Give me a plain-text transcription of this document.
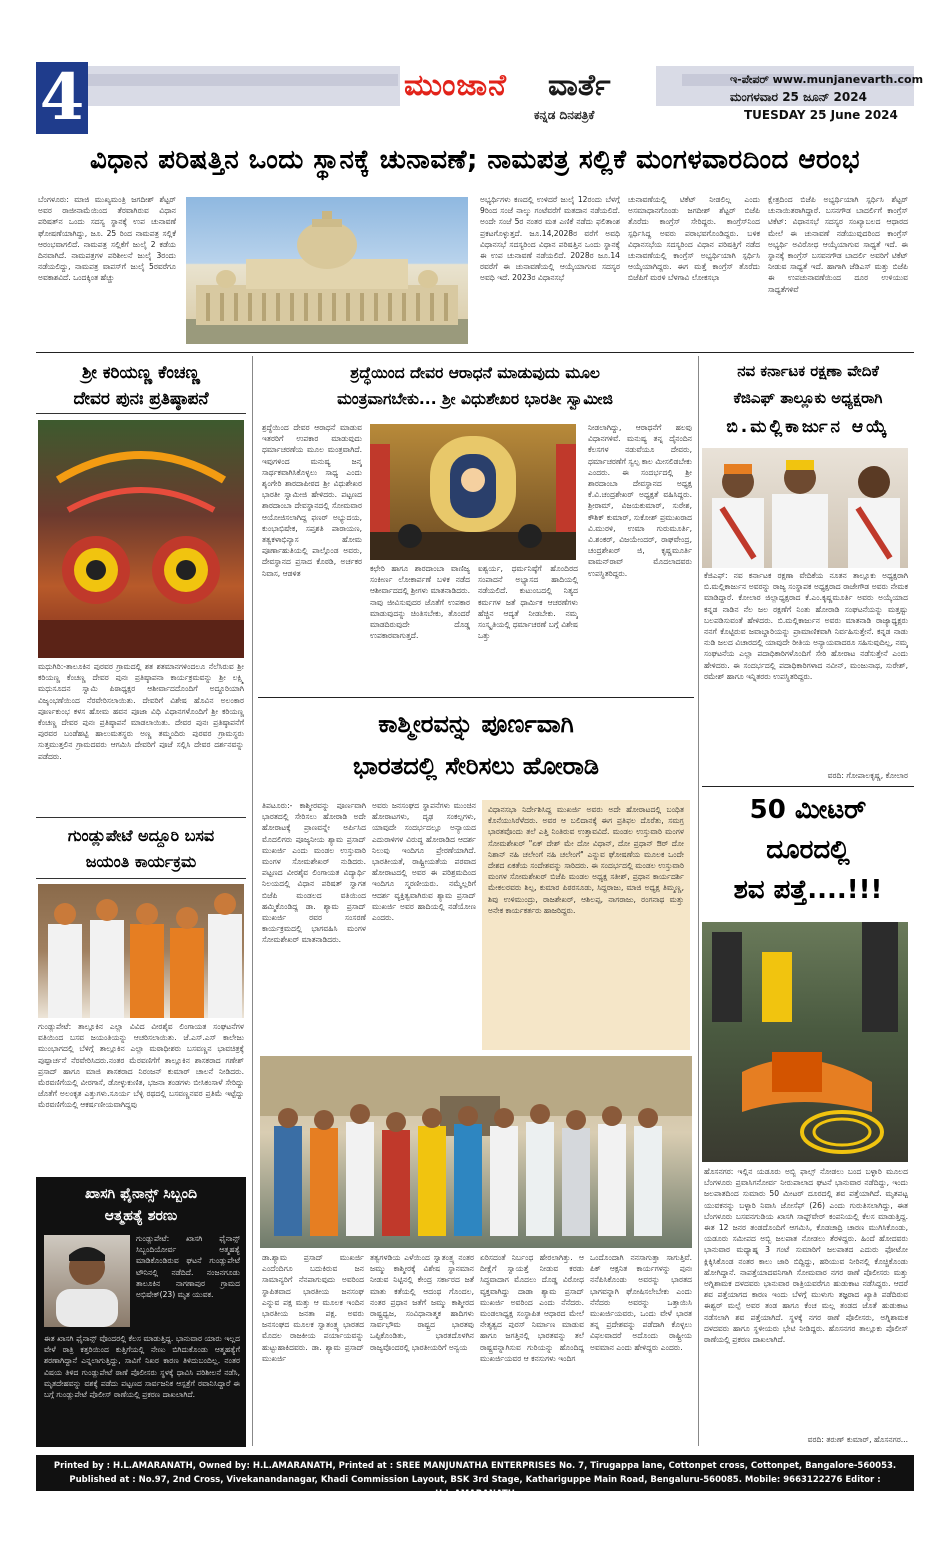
4	ಮುಂಜಾನೆ ವಾರ್ತೆ
ಕನ್ನಡ ದಿನಪತ್ರಿಕೆ
ಇ-ಪೇಪರ್ www.munjanevarth.com
ಮಂಗಳವಾರ 25 ಜೂನ್ 2024
TUESDAY 25 June 2024
ವಿಧಾನ ಪರಿಷತ್ತಿನ ಒಂದು ಸ್ಥಾನಕ್ಕೆ ಚುನಾವಣೆ; ನಾಮಪತ್ರ ಸಲ್ಲಿಕೆ ಮಂಗಳವಾರದಿಂದ ಆರಂಭ
ಬೆಂಗಳೂರು: ಮಾಜಿ ಮುಖ್ಯಮಂತ್ರಿ ಜಗದೀಶ್ ಶೆಟ್ಟರ್ ಅವರ ರಾಜೀನಾಮೆಯಿಂದ ತೆರವಾಗಿರುವ ವಿಧಾನ ಪರಿಷತ್‌ನ ಒಂದು ಸದಸ್ಯ ಸ್ಥಾನಕ್ಕೆ ಉಪ ಚುನಾವಣೆ ಘೋಷಣೆಯಾಗಿದ್ದು, ಜೂ. 25 ರಿಂದ ನಾಮಪತ್ರ ಸಲ್ಲಿಕೆ ಆರಂಭವಾಗಲಿದೆ. ನಾಮಪತ್ರ ಸಲ್ಲಿಕೆಗೆ ಜುಲೈ 2 ಕಡೆಯ ದಿನವಾಗಿದೆ. ನಾಮಪತ್ರಗಳ ಪರಿಶೀಲನೆ ಜುಲೈ 3ರಂದು ನಡೆಯಲಿದ್ದು, ನಾಮಪತ್ರ ವಾಪಸ್‌ಗೆ ಜುಲೈ 5ರವರೆಗೂ ಅವಕಾಶವಿದೆ. ಒಂದಕ್ಕಿಂತ ಹೆಚ್ಚು
ಅಭ್ಯರ್ಥಿಗಳು ಕಣದಲ್ಲಿ ಉಳಿದರೆ ಜುಲೈ 12ರಂದು ಬೆಳಗ್ಗೆ 9ರಿಂದ ಸಂಜೆ ನಾಲ್ಕು ಗಂಟೆವರೆಗೆ ಮತದಾನ ನಡೆಯಲಿದೆ. ಅಂದೇ ಸಂಜೆ 5ರ ನಂತರ ಮತ ಎಣಿಕೆ ನಡೆದು ಫಲಿತಾಂಶ ಪ್ರಕಟಗೊಳ್ಳುತ್ತದೆ. ಜೂ.14,2028ರ ವರೆಗೆ ಅವಧಿ ವಿಧಾನಸಭೆ ಸದಸ್ಯರಿಂದ ವಿಧಾನ ಪರಿಷತ್ತಿನ ಒಂದು ಸ್ಥಾನಕ್ಕೆ ಈ ಉಪ ಚುನಾವಣೆ ನಡೆಯಲಿದೆ. 2028ರ ಜೂ.14 ರವರೆಗೆ ಈ ಚುನಾವಣೆಯಲ್ಲಿ ಆಯ್ಕೆಯಾಗುವ ಸದಸ್ಯರ ಅವಧಿ ಇದೆ. 2023ರ ವಿಧಾನಸಭೆ
ಚುನಾವಣೆಯಲ್ಲಿ ಟಿಕೆಟ್ ನೀಡಲಿಲ್ಲ ಎಂದು ಅಸಮಾಧಾನಗೊಂಡು ಜಗದೀಶ್ ಶೆಟ್ಟರ್ ಬಿಜೆಪಿ ತೊರೆದು ಕಾಂಗ್ರೆಸ್ ಸೇರಿದ್ದರು. ಕಾಂಗ್ರೆಸ್‌ನಿಂದ ಸ್ಪರ್ಧಿಸಿದ್ದ ಅವರು ಪರಾಭವಗೊಂಡಿದ್ದರು. ಬಳಿಕ ವಿಧಾನಸಭೆಯ ಸದಸ್ಯರಿಂದ ವಿಧಾನ ಪರಿಷತ್ತಿಗೆ ನಡೆದ ಚುನಾವಣೆಯಲ್ಲಿ ಕಾಂಗ್ರೆಸ್ ಅಭ್ಯರ್ಥಿಯಾಗಿ ಸ್ಪರ್ಧಿಸಿ ಆಯ್ಕೆಯಾಗಿದ್ದರು. ಈಗ ಮತ್ತೆ ಕಾಂಗ್ರೆಸ್ ತೊರೆದು ಬಿಜೆಪಿಗೆ ಮರಳಿ ಬೆಳಗಾವಿ ಲೋಕಸಭಾ
ಕ್ಷೇತ್ರದಿಂದ ಬಿಜೆಪಿ ಅಭ್ಯರ್ಥಿಯಾಗಿ ಸ್ಪರ್ಧಿಸಿ ಶೆಟ್ಟರ್ ಚುನಾಯಿತರಾಗಿದ್ದಾರೆ. ಬಸನಗೌಡ ಬಾದರ್ಲಿಗೆ ಕಾಂಗ್ರೆಸ್ ಟಿಕೆಟ್: ವಿಧಾನಸಭೆ ಸದಸ್ಯರ ಸಂಖ್ಯಾಬಲದ ಆಧಾರದ ಮೇಲೆ ಈ ಚುನಾವಣೆ ನಡೆಯುವುದರಿಂದ ಕಾಂಗ್ರೆಸ್ ಅಭ್ಯರ್ಥಿ ಅವಿರೋಧ ಆಯ್ಕೆಯಾಗುವ ಸಾಧ್ಯತೆ ಇದೆ. ಈ ಸ್ಥಾನಕ್ಕೆ ಕಾಂಗ್ರೆಸ್ ಬಸವನಗೌಡ ಬಾದರ್ಲಿ ಅವರಿಗೆ ಟಿಕೆಟ್ ನೀಡುವ ಸಾಧ್ಯತೆ ಇದೆ. ಹಾಗಾಗಿ ಜೆಡಿಎಸ್ ಮತ್ತು ಬಿಜೆಪಿ ಈ ಉಪಚುನಾವಣೆಯಿಂದ ದೂರ ಉಳಿಯುವ ಸಾಧ್ಯತೆಗಳಿವೆ
ಶ್ರೀ ಕರಿಯಣ್ಣ ಕೆಂಚಣ್ಣ
ದೇವರ ಪುನಃ ಪ್ರತಿಷ್ಠಾಪನೆ
ಮಧುಗಿರಿ:-ತಾಲೂಕಿನ ಪುರವರ ಗ್ರಾಮದಲ್ಲಿ ಶತ ಶತಮಾನಗಳಿಂದಲೂ ನೆಲೆಸಿರುವ ಶ್ರೀ ಕರಿಯಣ್ಣ ಕೆಂಚಣ್ಣ ದೇವರ ಪುನಃ ಪ್ರತಿಷ್ಠಾಪನಾ ಕಾರ್ಯಕ್ರಮವನ್ನು ಶ್ರೀ ಲಕ್ಷ್ಮಿ ಮಧುಸೂದನ ಸ್ವಾಮಿ ಪಿಠಾಧ್ಯಕ್ಷರ ಆಶೀರ್ವಾದದೊಂದಿಗೆ ಅದ್ದೂರಿಯಾಗಿ ವಿಜೃಂಭಣೆಯಿಂದ ನೆರವೇರಿಸಲಾಯಿತು. ದೇವರಿಗೆ ವಿಶೇಷ ಹೊವಿನ ಅಲಂಕಾರ ಪೂರ್ಣಕುಂಭ ಕಳಸ ಹೋಮ ಹವನ ಪೂಜಾ ವಿಧಿ ವಿಧಾನಗಳೊಂದಿಗೆ ಶ್ರೀ ಕರಿಯಣ್ಣ ಕೆಂಚಣ್ಣ ದೇವರ ಪುನಃ ಪ್ರತಿಷ್ಠಾಪನೆ ಮಾಡಲಾಯಿತು. ದೇವರ ಪುನಃ ಪ್ರತಿಷ್ಠಾಪನೆಗೆ ಪುರವರ ಬಂಡೆಹಟ್ಟಿ ಹಾಲುಮತಸ್ಥರು ಅಣ್ಣ ತಮ್ಮಂದಿರು ಪುರವರ ಗ್ರಾಮಸ್ಥರು ಸುತ್ತಮುತ್ತಲಿನ ಗ್ರಾಮದವರು ಆಗಮಿಸಿ ದೇವರಿಗೆ ಪೂಜೆ ಸಲ್ಲಿಸಿ ದೇವರ ದರ್ಶನವನ್ನು ಪಡೆದರು.
ಗುಂಡ್ಲುಪೇಟೆ ಅದ್ದೂರಿ ಬಸವ
ಜಯಂತಿ ಕಾರ್ಯಕ್ರಮ
ಗುಂಡ್ಲುಪೇಟೆ: ತಾಲ್ಲೂಕಿನ ಎಲ್ಲಾ ವಿವಿದ ವೀರಶೈವ ಲಿಂಗಾಯತ ಸಂಘಟನೆಗಳ ವತಿಯಿಂದ ಬಸವ ಜಯಂತಿಯನ್ನು ಆಚರಿಸಲಾಯಿತು. ಜೆ.ಎಸ್.ಎಸ್ ಕಾಲೇಜು ಮುಂಭಾಗದಲ್ಲಿ ಬೆಳಿಗ್ಗೆ ತಾಲ್ಲೂಕಿನ ಎಲ್ಲಾ ಮಠಾಧೀಶರು ಬಸವಣ್ಣನ ಭಾವಚಿತ್ರಕ್ಕೆ ಪುಷ್ಪಾರ್ಚನೆ ನೆರವೇರಿಸಿದರು.ನಂತರ ಮೆರವಣಿಗೆಗೆ ತಾಲ್ಲೂಕಿನ ಶಾಸಕರಾದ ಗಣೇಶ್ ಪ್ರಸಾದ್ ಹಾಗೂ ಮಾಜಿ ಶಾಸಕರಾದ ನಿರಂಜನ್ ಕುಮಾರ್ ಚಾಲನೆ ನೀಡಿದರು. ಮೆರವಣಿಗೆಯಲ್ಲಿ ವೀರಗಾಸೆ, ಡೋಳ್ಳುಕುಣಿತ, ಭಜನಾ ತಂಡಗಳು ಬೀಸಿಕಂಸಾಳೆ ಸೇರಿದ್ದು ಜೊತೆಗೆ ಅಲಂಕೃತ ಎತ್ತುಗಳು.ಸೂರ್ಯ ಬೆಳ್ಳಿ ರಥದಲ್ಲಿ ಬಸವಣ್ಣನವರ ಪ್ರತಿಮೆ ಇಟ್ಟೆದ್ದು ಮೆರವಣಿಗೆಯಲ್ಲಿ ಆಕರ್ಷಣೀಯವಾಗಿದ್ದವು
ಖಾಸಗಿ ಫೈನಾನ್ಸ್ ಸಿಬ್ಬಂದಿ
ಆತ್ಮಹತ್ಯೆ ಶರಣು
ಗುಂಡ್ಲುಪೇಟೆ: ಖಾಸಗಿ ಫೈನಾನ್ಸ್ ಸಿಬ್ಬಂದಿಯೋರ್ವ ಆತ್ಮಹತ್ಯೆ ಮಾಡಿಕೊಂಡಿರುವ ಘಟನೆ ಗುಂಡ್ಲುಪೇಟೆ ಟೌನಿನಲ್ಲಿ ನಡೆದಿದೆ. ನಂಜನಗೂಡು ತಾಲೂಕಿನ ನಾಗಣಾಪುರ ಗ್ರಾಮದ ಅಭಿಷೇಕ್(23) ಮೃತ ಯುವಕ.
ಈತ ಖಾಸಗಿ ಫೈನಾನ್ಸ್ ವೊಂದರಲ್ಲಿ ಕೆಲಸ ಮಾಡುತ್ತಿದ್ದ. ಭಾನುವಾರ ಯಾರು ಇಲ್ಲದ ವೇಳೆ ರಾತ್ರಿ ಕತ್ತರಿಯಿಂದ ಕುತ್ತಿಗೆಯಲ್ಲಿ ನೇಣು ಬಿಗಿದುಕೊಂಡು ಆತ್ಮಹತ್ಯೆಗೆ ಶರಣಾಗಿದ್ದಾನೆ ಎನ್ನಲಾಗುತ್ತಿದ್ದು, ಸಾವಿಗೆ ನಿಖರ ಕಾರಣ ತಿಳಿದುಬಂದಿಲ್ಲ. ನಂತರ ವಿಷಯ ತಿಳಿದ ಗುಂಡ್ಲುಪೇಟೆ ಠಾಣೆ ಪೊಲೀಸರು ಸ್ಥಳಕ್ಕೆ ಧಾವಿಸಿ ಪರಿಶೀಲನೆ ನಡೆಸಿ, ಮೃತದೇಹವನ್ನು ವಶಕ್ಕೆ ಪಡೆದು ಪಟ್ಟಣದ ಸಾರ್ವಜನಿಕ ಆಸ್ಪತ್ರೆಗೆ ರವಾನಿಸಿದ್ದಾರೆ ಈ ಬಗ್ಗೆ ಗುಂಡ್ಲುಪೇಟೆ ಪೊಲೀಸ್ ಠಾಣೆಯಲ್ಲಿ ಪ್ರಕರಣ ದಾಖಲಾಗಿದೆ.
ಶ್ರದ್ಧೆಯಿಂದ ದೇವರ ಆರಾಧನೆ ಮಾಡುವುದು ಮೂಲ
ಮಂತ್ರವಾಗಬೇಕು... ಶ್ರೀ ವಿಧುಶೇಖರ ಭಾರತೀ ಸ್ವಾಮೀಜಿ
ಶ್ರದ್ಧೆಯಿಂದ ದೇವರ ಆರಾಧನೆ ಮಾಡುವ ಇತರರಿಗೆ ಉಪಕಾರ ಮಾಡುವುದು ಧರ್ಮಾಚರಣೆಯ ಮೂಲ ಮಂತ್ರವಾಗಿದೆ. ಇವುಗಳಿಂದ ಮನುಷ್ಯ ಜನ್ಮ ಸಾರ್ಥಕವಾಗಿಸಿಕೊಳ್ಳಲು ಸಾಧ್ಯ ಎಂದು ಶೃಂಗೇರಿ ಶಾರದಾಪೀಠದ ಶ್ರೀ ವಿಧುಶೇಖರ ಭಾರತೀ ಸ್ವಾಮೀಜಿ ಹೇಳಿದರು. ಪಟ್ಟಣದ ಶಾರದಾಂಬಾ ದೇವಸ್ಥಾನದಲ್ಲಿ ಸೋಮವಾರ ಆಯೋಜಿಸಲಾಗಿದ್ದ ಫಣರ್ ಅಭ್ಯುದಯ, ಕುಂಭಾಭಿಷೇಕ, ಸಪ್ತಶತಿ ಪಾರಾಯಣ, ತತ್ವಕಳಾಭಿನ್ಯಾಸ ಹೋಮ ಪೂರ್ಣಾಹುತಿಯಲ್ಲಿ ಪಾಲ್ಗೊಂಡ ಅವರು, ದೇವಸ್ಥಾನದ ಪ್ರಸಾದ ಕೊಠಡಿ, ಅರ್ಚಕರ ನಿವಾಸ, ಆಡಳಿತ
ಕಛೇರಿ ಹಾಗೂ ಶಾರದಾಂಬಾ ವಾಣಿಜ್ಯ ಸಂಕೀರ್ಣ ಲೋಕಾರ್ಪಣೆ ಬಳಿಕ ನಡೆದ ಆಶೀರ್ವಾದದಲ್ಲಿ ಶ್ರೀಗಳು ಮಾತನಾಡಿದರು. ನಾವು ಜೀವಿಸುವುದರ ಜೊತೆಗೆ ಉಪಕಾರ ಮಾಡುವುದನ್ನು ಚಿಂತಿಸಬೇಕು, ತೊಂದರೆ ಮಾಡದಿರುವುದೇ ದೊಡ್ಡ ಉಪಕಾರವಾಗುತ್ತದೆ.
ಐಶ್ವರ್ಯ, ಧರ್ಮನಿಷ್ಠೆಗೆ ಹೊಂದಿರದ ಸಂಪಾದನೆ ಅಭ್ಯಾಸದ ಹಾದಿಯಲ್ಲಿ ನಡೆಯಲಿದೆ. ಕುಟುಂಬದಲ್ಲಿ ನಿತ್ಯದ ಕರ್ಮಗಳ ಜತೆ ಧಾರ್ಮಿಕ ಆಚರಣೆಗಳು ಹೆಚ್ಚಿನ ಆದ್ಯತೆ ನೀಡಬೇಕು. ನಮ್ಮ ಸಂಸ್ಕೃತಿಯಲ್ಲಿ ಧರ್ಮಾಚರಣೆ ಬಗ್ಗೆ ವಿಶೇಷ ಒತ್ತು
ನೀಡಲಾಗಿದ್ದು, ಆರಾಧನೆಗೆ ಹಲವು ವಿಧಾನಗಳಿವೆ. ಮನುಷ್ಯ ತನ್ನ ದೈನಂದಿನ ಕೆಲಸಗಳ ನಡುವೆಯೂ ದೇವರು, ಧರ್ಮಾಚರಣೆಗೆ ಸ್ವಲ್ಪ ಕಾಲ ಮೀಸಲಿಡಬೇಕು ಎಂದರು. ಈ ಸಂದರ್ಭದಲ್ಲಿ ಶ್ರೀ ಶಾರದಾಂಬಾ ದೇವಸ್ಥಾನದ ಅಧ್ಯಕ್ಷ ಕೆ.ವಿ.ಚಂದ್ರಶೇಖರ್ ಅಧ್ಯಕ್ಷತೆ ವಹಿಸಿದ್ದರು. ಶ್ರೀರಾಮ್, ವಿಜಯಕುಮಾರ್, ಸುರೇಶ, ಕೌಶಿಕ್ ಕುಮಾರ್, ಸುಕೋಶ್ ಪ್ರಮುಖರಾದ ವಿ.ಮುರಳಿ, ಉಮಾ ಗುರುಮೂರ್ತಿ, ವಿ.ಶಂಕರ್, ವಿಜಯೇಂದರ್, ರಾಘವೇಂದ್ರ, ಚಂದ್ರಶೇಖರ್ ಜಿ, ಕೃಷ್ಣಮೂರ್ತಿ ವಾಮನ್‌ರಾವ್ ಮೊದಲಾದವರು ಉಪಸ್ಥಿತರಿದ್ದರು.
ಕಾಶ್ಮೀರವನ್ನು ಪೂರ್ಣವಾಗಿ
ಭಾರತದಲ್ಲಿ ಸೇರಿಸಲು ಹೋರಾಡಿ
ತಿಪಟೂರು:- ಕಾಶ್ಮೀರವನ್ನು ಪೂರ್ಣವಾಗಿ ಭಾರತದಲ್ಲಿ ಸೇರಿಸಲು ಹೋರಾಡಿ ಅದೇ ಹೋರಾಟಕ್ಕೆ ಪ್ರಾಣವನ್ನೇ ಅರ್ಪಿಸಿದ ಮೊದಲಿಗರು ಪೂಜ್ಯನೀಯ ಶ್ಯಾಮ ಪ್ರಸಾದ್ ಮುಖರ್ಜಿ ಎಂದು ಮಂಡಲ ಉಸ್ತುವಾರಿ ಮಂಗಳ ಸೋಮಶೇಖರ್ ನುಡಿದರು. ಪಟ್ಟಣದ ವೀರಶೈವ ಲಿಂಗಾಯತ ವಿದ್ಯಾರ್ಥಿ ನಿಲಯದಲ್ಲಿ ವಿಧಾನ ಪರಿಷತ್ ಸ್ವಾಗತ ಬಿಜೆಪಿ ಮಂಡಲದ ವತಿಯಿಂದ ಹಮ್ಮಿಕೊಂಡಿದ್ದ ಡಾ. ಶ್ಯಾಮ ಪ್ರಸಾದ್ ಮುಖರ್ಜಿ ರವರ ಸಂಸರಣೆ ಕಾರ್ಯಕ್ರಮದಲ್ಲಿ ಭಾಗವಹಿಸಿ ಮಂಗಳ ಸೋಮಶೇಖರ್ ಮಾತನಾಡಿದರು.
ಅವರು ಜನಸಂಘದ ಸ್ಥಾಪನೆಗಳು ಮುಂಚಿನ ಹೋರಾಟಗಳು, ದೃಢ ಸಂಕಲ್ಪಗಳು, ಯಾವುದೇ ಸಂದರ್ಭದಲ್ಲೂ ಅನ್ಯಾಯದ ಎದುರಾಳಿಗಳ ವಿರುದ್ಧ ಹೋರಾಡಿದ ಆದರ್ಶ ನಿಲುವು ಇಂದಿಗೂ ಪ್ರೇರಣೆಯಾಗಿದೆ. ಭಾರತೀಯತೆ, ರಾಷ್ಟ್ರೀಯತೆಯ ಪರವಾದ ಹೋರಾಟದಲ್ಲಿ ಅವರ ಈ ಪರಿಶ್ರಮದಿಂದ ಇಂದಿಗೂ ಸ್ಮರಣೀಯರು. ನಮ್ಮೆಲ್ಲರಿಗೆ ಆದರ್ಶ ವ್ಯಕ್ತಿತ್ವವಾಗಿರುವ ಶ್ಯಾಮ ಪ್ರಸಾದ್ ಮುಖರ್ಜಿ ಅವರ ಹಾದಿಯಲ್ಲಿ ನಡೆಯೋಣ ಎಂದರು.
ವಿಧಾನಸಭಾ ನಿರ್ದೇಶಿಸಿದ್ದ ಮುಖರ್ಜಿ ಅವರು ಅದೇ ಹೋರಾಟದಲ್ಲಿ ಬಂಧಿತ ಕೊನೆಯುಸಿರೆಳೆದರು. ಅವರ ಆ ಬಲಿದಾನಕ್ಕೆ ಈಗ ಪ್ರತಿಫಲ ದೊರೆತು, ಸಮಗ್ರ ಭಾರತವೊಂದು ತಲೆ ಎತ್ತಿ ನಿಂತಿರುವ ಉತ್ತಾವವಿದೆ. ಮಂಡಲ ಉಸ್ತುವಾರಿ ಮಂಗಳ ಸೋಮಶೇಖರ್ "ಏಕ್ ದೇಶ್ ಮೇ ದೋ ವಿಧಾನ್, ದೋ ಪ್ರಧಾನ್ ಔರ್ ದೋ ನಿಶಾನ್ ನಹಿ ಚಲೇಂಗೆ ನಹಿ ಚಲೇಂಗೆ" ಎನ್ನುವ ಘೋಷಣೆಯ ಮೂಲಕ ಒಂದೇ ದೇಶದ ಏಕತೆಯ ಸಂದೇಶವನ್ನು ಸಾರಿದರು. ಈ ಸಂದರ್ಭದಲ್ಲಿ ಮಂಡಲ ಉಸ್ತುವಾರಿ ಮಂಗಳ ಸೋಮಶೇಖರ್ ಬಿಜೆಪಿ ಮಂಡಲ ಅಧ್ಯಕ್ಷ ಸತೀಶ್, ಪ್ರಧಾನ ಕಾರ್ಯದರ್ಶಿ ಮೇಕಲರವರು ಶಿಲ್ಪ, ಕುಮಾರ ಪಿಠರಸೂಡು, ಸಿದ್ದರಾಜು, ಮಾಜಿ ಅಧ್ಯಕ್ಷ ತಿಮ್ಮಣ್ಣ, ಶಿವು ಉಳಿಮುಂದ್ರು, ರಾಜಶೇಖರ್, ಆಶಿಲಪ್ಪ, ನಾಗರಾಜು, ರಂಗನಾಥ ಮತ್ತು ಅನೇಕ ಕಾರ್ಯಕರ್ತರು ಹಾಜರಿದ್ದರು.
ಡಾ.ಶ್ಯಾಮ ಪ್ರಸಾದ್ ಮುಖರ್ಜಿ ಎಂದೆಂದಿಗೂ ಬದುಕಿರುವ ಜನ ಸಾಮಾನ್ಯರಿಗೆ ನೆನಪಾಗುವುದು ಅವರಿಂದ ಸ್ಥಾಪಿತವಾದ ಭಾರತೀಯ ಜನಸಂಘ ಎನ್ನುವ ಪಕ್ಷ ಮತ್ತು ಆ ಮೂಲಕ ಇಂದಿನ ಭಾರತೀಯ ಜನತಾ ಪಕ್ಷ. ಅವರು ಜನಸಂಘದ ಮೂಲಕ ಸ್ವಾತಂತ್ರ್ಯ ಭಾರತದ ಮೊದಲ ರಾಜಕೀಯ ಪರ್ಯಾಯವನ್ನು ಹುಟ್ಟುಹಾಕಿದವರು. ಡಾ. ಶ್ಯಾಮ ಪ್ರಸಾದ್ ಮುಖರ್ಜಿ
ತತ್ವಗಳಡಿಯ ಎಳೆಯಿಂದ ಸ್ವಾತಂತ್ರ್ಯ ನಂತರ ಜಮ್ಮು ಕಾಶ್ಮೀರಕ್ಕೆ ವಿಶೇಷ ಸ್ಥಾನಮಾನ ನೀಡುವ ನಿಟ್ಟಿನಲ್ಲಿ ಕೇಂದ್ರ ಸರ್ಕಾರದ ಜತೆ ಮಾತು ಕತೆಯಲ್ಲಿ ಆದಂಥ ಗೊಂದಲ, ನಂತರ ಪ್ರಧಾನ ಜತೆಗೆ ಜಮ್ಮು ಕಾಶ್ಮೀರದ ರಾಷ್ಟ್ರಧ್ವಜ, ಸಂವಿಧಾನಾತ್ಮಕ ಹಾದಿಗಳು ಸಾರ್ವಭೌಮ ರಾಷ್ಟ್ರದ ಭಾರತವು ಒಪ್ಪಿಕೊಂಡಿತು, ಭಾರತದೊಳಗಿನ ರಾಜ್ಯವೊಂದರಲ್ಲಿ ಭಾರತೀಯರಿಗೆ ಅನ್ವಯ
ಏರಿಸದಂತೆ ನಿರ್ಬಂಧ ಹೇರಲಾಗಿತ್ತು. ಆ ದೀಕ್ಷೆಗೆ ಸ್ವಾಯತ್ತೆ ನೀಡುವ ಕರಡು ಸಿದ್ಧವಾದಾಗ ಮೊದಲು ದೊಡ್ಡ ವಿರೋಧ ವ್ಯಕ್ತವಾಗಿದ್ದು ದಾಡಾ ಶ್ಯಾಮ ಪ್ರಸಾದ್ ಮುಖರ್ಜಿ ಅವರಿಂದ ಎಂದು ನೆನೆದರು. ಮಂಡಲಾಧ್ಯಕ್ಷ ಸಂಸ್ಥಾಪಿತ ಆಧಾರದ ಮೇಲೆ ನೇತೃತ್ವದ ಪುರಸ್ ನಿರ್ಮಾಣ ಮಾಡುವ ಹಾಗೂ ಜಗತ್ತಿನಲ್ಲಿ ಭಾರತವನ್ನು ತಲೆ ರಾಷ್ಟ್ರವನ್ನಾಗಿಸುವ ಗುರಿಯನ್ನು ಹೊಂದಿದ್ದ ಮುಖರ್ಜಿಯವರ ಆ ಕನಸುಗಳು ಇಂದಿಗ
ಒಂದೊಂದಾಗಿ ನನಸಾಗುತ್ತಾ ಸಾಗುತ್ತಿವೆ. ಪಿಕ್ ಆಕ್ಷನಿತ ಕಾರ್ಯಗಳನ್ನು ಪುನಃ ನನೆಪಿಸಿಕೊಂಡು ಅವರನ್ನು ಭಾರತದ ಭಾಗವನ್ನಾಗಿ ಘೋಷಿಸಲೇಬೇಕು ಎಂದು ನೆನೆದರು ಅವರನ್ನು ಒತ್ತಾಯಿಸಿ ಮುಖರ್ಜಿಯವರು, ಒಂದು ವೇಳೆ ಭಾರತ ತನ್ನ ಪ್ರದೇಶವನ್ನು ಪಡೆದಾಗಿ ಕೊಳ್ಳಲು ವಿಫಲವಾದರೆ ಅದೊಂದು ರಾಷ್ಟ್ರೀಯ ಅವಮಾನ ಎಂದು ಹೇಳಿದ್ದರು ಎಂದರು.
ನವ ಕರ್ನಾಟಕ ರಕ್ಷಣಾ ವೇದಿಕೆ
ಕೆಜಿಎಫ್ ತಾಲ್ಲೂಕು ಅಧ್ಯಕ್ಷರಾಗಿ
ಬಿ.ಮಲ್ಲಿಕಾರ್ಜುನ ಆಯ್ಕೆ
ಕೆಜಿಎಫ್: ನವ ಕರ್ನಾಟಕ ರಕ್ಷಣಾ ವೇದಿಕೆಯ ನೂತನ ತಾಲ್ಲೂಕು ಅಧ್ಯಕ್ಷರಾಗಿ ಬಿ.ಮಲ್ಲಿಕಾರ್ಜುನ ಅವರನ್ನು ರಾಜ್ಯ ಸಂಸ್ಥಾಪಕ ಅಧ್ಯಕ್ಷರಾದ ರಾಜೇಗೌಡ ಅವರು ನೇಮಕ ಮಾಡಿದ್ದಾರೆ. ಕೋಲಾರ ಜಿಲ್ಲಾಧ್ಯಕ್ಷರಾದ ಕೆ.ಎಂ.ಕೃಷ್ಣಮೂರ್ತಿ ಅವರು ಅಯ್ಕೆಯಾದ ಕನ್ನಡ ನಾಡಿನ ನೆಲ ಜಲ ರಕ್ಷಣೆಗೆ ನಿಂತು ಹೋರಾಡಿ ಸಂಘಟನೆಯನ್ನು ಮತ್ತಷ್ಟು ಬಲಪಡಿಸುವಂತೆ ಹೇಳಿದರು. ಬಿ.ಮಲ್ಲಿಕಾರ್ಜುನ ಅವರು ಮಾತನಾಡಿ ರಾಜ್ಯಾಧ್ಯಕ್ಷರು ನನಗೆ ಕೊಟ್ಟಿರುವ ಜವಾಬ್ದಾರಿಯನ್ನು ಪ್ರಾಮಾಣಿಕವಾಗಿ ನಿರ್ವಹಿಸುತ್ತೇನೆ. ಕನ್ನಡ ನಾಡು ನುಡಿ ಜಲದ ವಿಚಾರದಲ್ಲಿ ಯಾವುದೇ ರೀತಿಯ ಅನ್ಯಾಯವಾದರೂ ಸಹಿಸುವುದಿಲ್ಲ, ನಮ್ಮ ಸಂಘಟನೆಯ ಎಲ್ಲಾ ಪದಾಧಿಕಾರಿಗಳೊಂದಿಗೆ ಸೇರಿ ಹೋರಾಟ ನಡೆಸುತ್ತೇನೆ ಎಂದು ಹೇಳಿದರು. ಈ ಸಂದರ್ಭದಲ್ಲಿ ಪದಾಧಿಕಾರಿಗಳಾದ ನವೀನ್, ಮಂಜುನಾಥ, ಸುರೇಶ್, ರಮೇಶ್ ಹಾಗೂ ಇನ್ನಿತರರು ಉಪಸ್ಥಿತರಿದ್ದರು.
ವರದಿ: ಗೋಪಾಲಕೃಷ್ಣ, ಕೋಲಾರ
50 ಮೀಟರ್
ದೂರದಲ್ಲಿ
ಶವ ಪತ್ತೆ....!!!
ಹೊಸನಗರ: ಇಲ್ಲಿನ ಯಡೂರು ಅಬ್ಬಿ ಫಾಲ್ಸ್ ನೋಡಲು ಬಂದ ಬಳ್ಳಾರಿ ಮೂಲದ ಬೆಂಗಳೂರು ಪ್ರವಾಸಿಗನೋರ್ವ ನೀರುಪಾಲಾದ ಘಟನೆ ಭಾನುವಾರ ನಡೆದಿದ್ದು, ಇಂದು ಜಲಪಾತದಿಂದ ಸುಮಾರು 50 ಮೀಟರ್ ದೂರದಲ್ಲಿ ಶವ ಪತ್ತೆಯಾಗಿದೆ. ಮೃತಪಟ್ಟ ಯುವಕನನ್ನು ಬಳ್ಳಾರಿ ನಿವಾಸಿ ಜೋಸೆಫ್ (26) ಎಂದು ಗುರುತಿಸಲಾಗಿದ್ದು, ಈತ ಬೆಂಗಳೂರು ಬಸವನಗುಡಿಯ ಖಾಸಗಿ ಸಾಫ್ಟ್‌ವೇರ್ ಕಂಪನಿಯಲ್ಲಿ ಕೆಲಸ ಮಾಡುತ್ತಿದ್ದ. ಈತ 12 ಜನರ ತಂಡದೊಂದಿಗೆ ಆಗಮಿಸಿ, ಕೊಡಚಾದ್ರಿ ಚಾರಣ ಮುಗಿಸಿಕೊಂಡು, ಯಡೂರು ಸಮೀಪದ ಅಬ್ಬಿ ಜಲಪಾತ ನೋಡಲು ತೆರಳಿದ್ದರು. ಹಿಂದೆ ಹೋದವರು ಭಾನುವಾರ ಮಧ್ಯಾಹ್ನ 3 ಗಂಟೆ ಸುಮಾರಿಗೆ ಜಲಪಾತದ ಎದುರು ಫೋಟೋ ಕ್ಲಿಕ್ಕಿಸಿಕೊಂಡ ನಂತರ ಕಾಲು ಜಾರಿ ಬಿದ್ದಿದ್ದು, ಹರಿಯುವ ನೀರಿನಲ್ಲಿ ಕೊಚ್ಚಿಕೊಂಡು ಹೋಗಿದ್ದಾನೆ. ನಾಪತ್ತೆಯಾದವನಿಗಾಗಿ ಸೋಮವಾರ ನಗರ ಠಾಣೆ ಪೊಲೀಸರು ಮತ್ತು ಅಗ್ನಿಶಾಮಕ ದಳದವರು ಭಾನುವಾರ ರಾತ್ರಿಯವರೆಗೂ ಹುಡುಕಾಟ ನಡೆಸಿದ್ದರು. ಆದರೆ ಶವ ಪತ್ತೆಯಾಗದ ಕಾರಣ ಇಂದು ಬೆಳಗ್ಗೆ ಮುಳುಗು ತಜ್ಞರಾದ ಖ್ಯಾತಿ ಪಡೆದಿರುವ ಈಶ್ವರ್ ಮಲ್ಪೆ ಅವರ ತಂಡ ಹಾಗೂ ಕೆಂಚ ಮಲ್ಲ ತಂಡದ ಜೊತೆ ಹುಡುಕಾಟ ನಡೆಸಲಾಗಿ ಶವ ಪತ್ತೆಯಾಗಿದೆ. ಸ್ಥಳಕ್ಕೆ ನಗರ ಠಾಣೆ ಪೊಲೀಸರು, ಅಗ್ನಿಶಾಮಕ ದಳದವರು ಹಾಗೂ ಸ್ಥಳೀಯರು ಭೇಟಿ ನೀಡಿದ್ದರು. ಹೊಸನಗರ ತಾಲ್ಲೂಕು ಪೊಲೀಸ್ ಠಾಣೆಯಲ್ಲಿ ಪ್ರಕರಣ ದಾಖಲಾಗಿದೆ.
ವರದಿ: ತರುಣ್ ಕುಮಾರ್, ಹೊಸನಗರ...
Printed by : H.L.AMARANATH, Owned by: H.L.AMARANATH, Printed at : SREE MANJUNATHA ENTERPRISES No. 7, Tirugappa lane, Cottonpet cross, Cottonpet, Bangalore-560053.
Published at : No.97, 2nd Cross, Vivekanandanagar, Khadi Commission Layout, BSK 3rd Stage, Kathariguppe Main Road, Bengaluru-560085. Mobile: 9663122276 Editor : H.L.AMARANATH
